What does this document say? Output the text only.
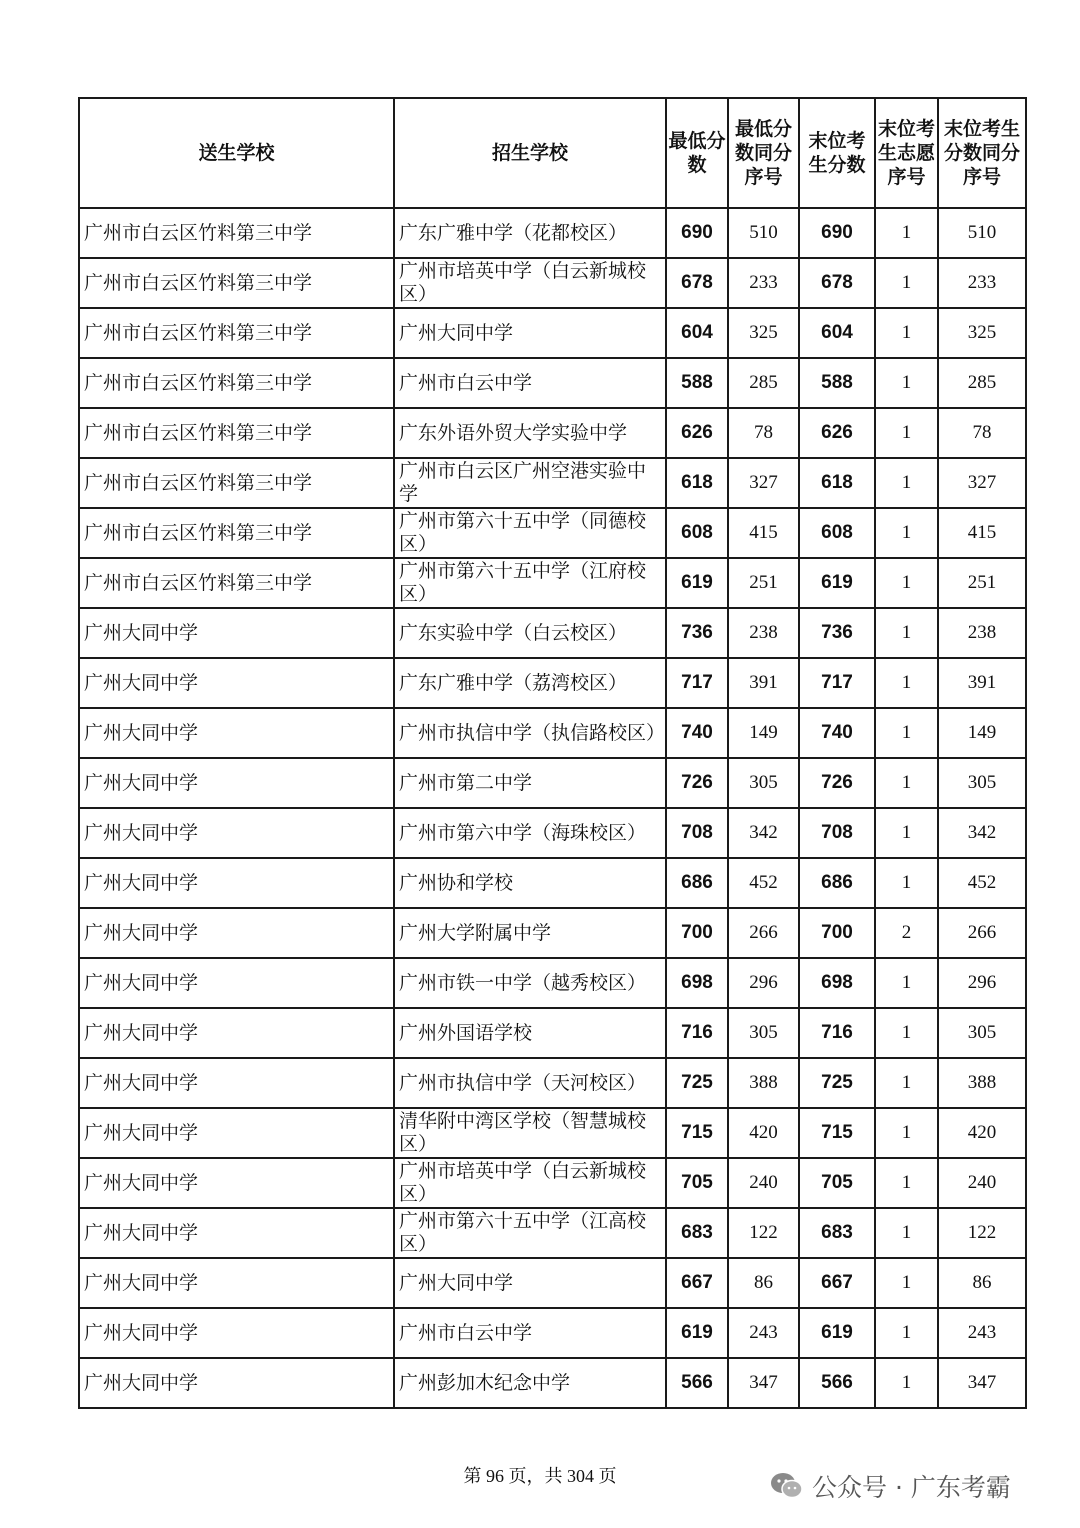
送生学校	招生学校	最低分数	最低分数同分序号	末位考生分数	末位考生志愿序号	末位考生分数同分序号
广州市白云区竹料第三中学	广东广雅中学（花都校区）	690	510	690	1	510
广州市白云区竹料第三中学	广州市培英中学（白云新城校区）	678	233	678	1	233
广州市白云区竹料第三中学	广州大同中学	604	325	604	1	325
广州市白云区竹料第三中学	广州市白云中学	588	285	588	1	285
广州市白云区竹料第三中学	广东外语外贸大学实验中学	626	78	626	1	78
广州市白云区竹料第三中学	广州市白云区广州空港实验中学	618	327	618	1	327
广州市白云区竹料第三中学	广州市第六十五中学（同德校区）	608	415	608	1	415
广州市白云区竹料第三中学	广州市第六十五中学（江府校区）	619	251	619	1	251
广州大同中学	广东实验中学（白云校区）	736	238	736	1	238
广州大同中学	广东广雅中学（荔湾校区）	717	391	717	1	391
广州大同中学	广州市执信中学（执信路校区）	740	149	740	1	149
广州大同中学	广州市第二中学	726	305	726	1	305
广州大同中学	广州市第六中学（海珠校区）	708	342	708	1	342
广州大同中学	广州协和学校	686	452	686	1	452
广州大同中学	广州大学附属中学	700	266	700	2	266
广州大同中学	广州市铁一中学（越秀校区）	698	296	698	1	296
广州大同中学	广州外国语学校	716	305	716	1	305
广州大同中学	广州市执信中学（天河校区）	725	388	725	1	388
广州大同中学	清华附中湾区学校（智慧城校区）	715	420	715	1	420
广州大同中学	广州市培英中学（白云新城校区）	705	240	705	1	240
广州大同中学	广州市第六十五中学（江高校区）	683	122	683	1	122
广州大同中学	广州大同中学	667	86	667	1	86
广州大同中学	广州市白云中学	619	243	619	1	243
广州大同中学	广州彭加木纪念中学	566	347	566	1	347
第 96 页，共 304 页	公众号 · 广东考霸
